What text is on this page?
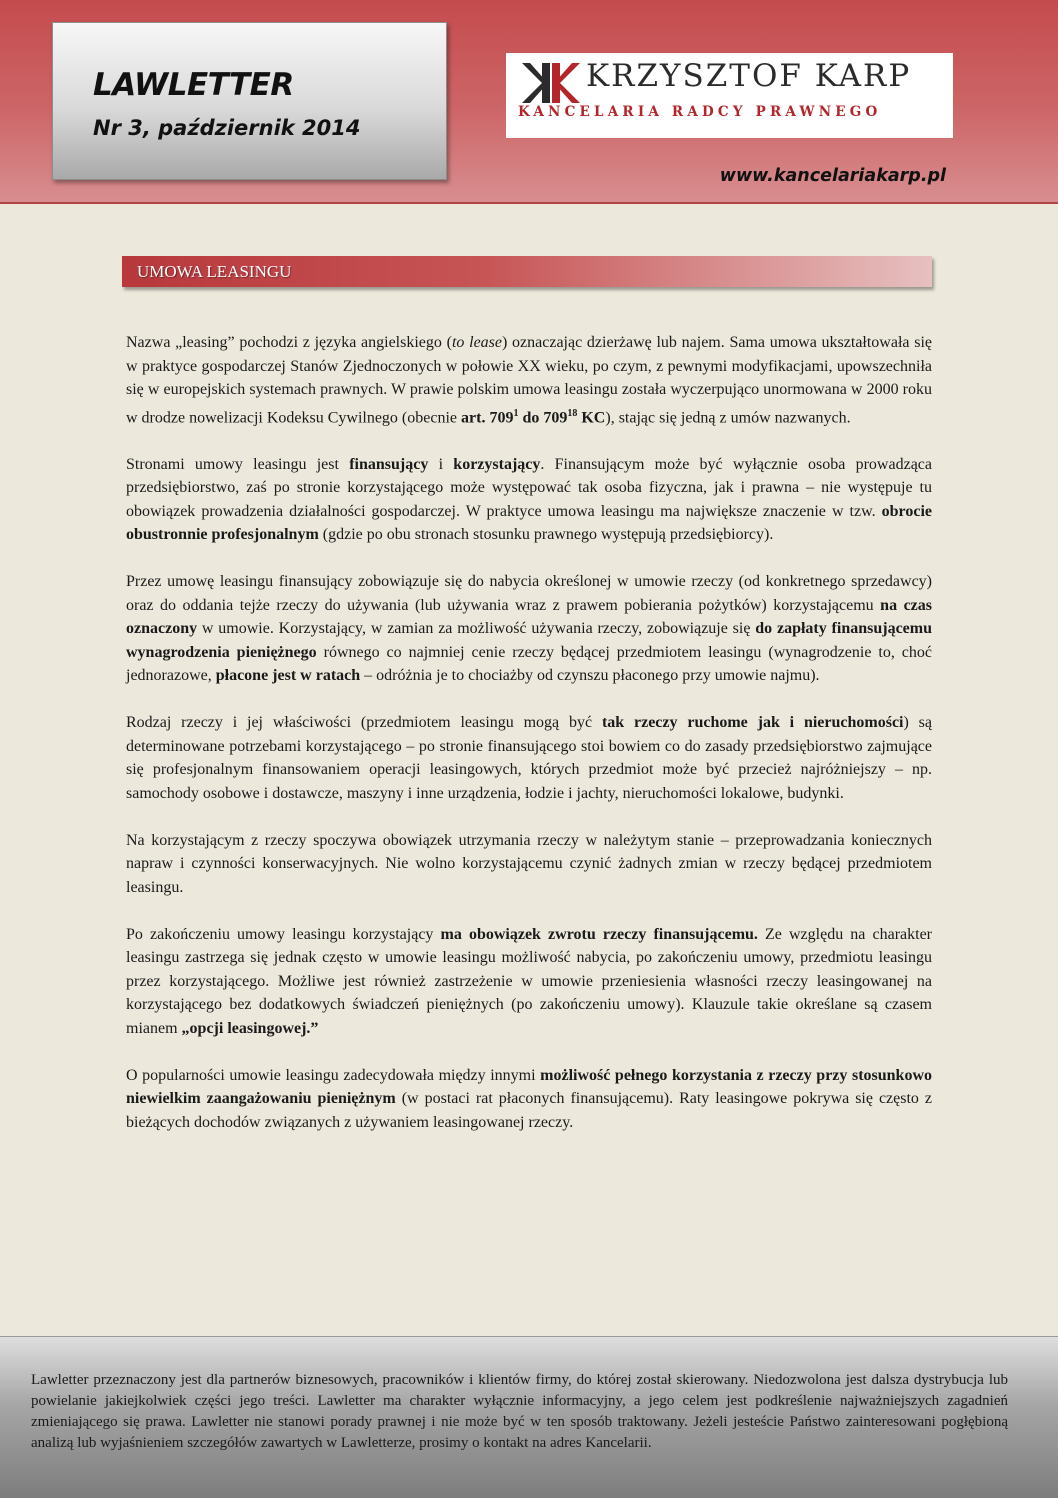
LAWLETTER
Nr 3, październik 2014
KRZYSZTOF KARP
KANCELARIA RADCY PRAWNEGO
www.kancelariakarp.pl
UMOWA LEASINGU

Nazwa „leasing” pochodzi z języka angielskiego (to lease) oznaczając dzierżawę lub najem. Sama umowa ukształtowała się w praktyce gospodarczej Stanów Zjednoczonych w połowie XX wieku, po czym, z pewnymi modyfikacjami, upowszechniła się w europejskich systemach prawnych. W prawie polskim umowa leasingu została wyczerpująco unormowana w 2000 roku w drodze nowelizacji Kodeksu Cywilnego (obecnie art. $709^1$ do $709^{18}$ KC), stając się jedną z umów nazwanych.

Stronami umowy leasingu jest finansujący i korzystający. Finansującym może być wyłącznie osoba prowadząca przedsiębiorstwo, zaś po stronie korzystającego może występować tak osoba fizyczna, jak i prawna – nie występuje tu obowiązek prowadzenia działalności gospodarczej. W praktyce umowa leasingu ma największe znaczenie w tzw. obrocie obustronnie profesjonalnym (gdzie po obu stronach stosunku prawnego występują przedsiębiorcy).

Przez umowę leasingu finansujący zobowiązuje się do nabycia określonej w umowie rzeczy (od konkretnego sprzedawcy) oraz do oddania tejże rzeczy do używania (lub używania wraz z prawem pobierania pożytków) korzystającemu na czas oznaczony w umowie. Korzystający, w zamian za możliwość używania rzeczy, zobowiązuje się do zapłaty finansującemu wynagrodzenia pieniężnego równego co najmniej cenie rzeczy będącej przedmiotem leasingu (wynagrodzenie to, choć jednorazowe, płacone jest w ratach – odróżnia je to chociażby od czynszu płaconego przy umowie najmu).

Rodzaj rzeczy i jej właściwości (przedmiotem leasingu mogą być tak rzeczy ruchome jak i nieruchomości) są determinowane potrzebami korzystającego – po stronie finansującego stoi bowiem co do zasady przedsiębiorstwo zajmujące się profesjonalnym finansowaniem operacji leasingowych, których przedmiot może być przecież najróżniejszy – np. samochody osobowe i dostawcze, maszyny i inne urządzenia, łodzie i jachty, nieruchomości lokalowe, budynki.

Na korzystającym z rzeczy spoczywa obowiązek utrzymania rzeczy w należytym stanie – przeprowadzania koniecznych napraw i czynności konserwacyjnych. Nie wolno korzystającemu czynić żadnych zmian w rzeczy będącej przedmiotem leasingu.

Po zakończeniu umowy leasingu korzystający ma obowiązek zwrotu rzeczy finansującemu. Ze względu na charakter leasingu zastrzega się jednak często w umowie leasingu możliwość nabycia, po zakończeniu umowy, przedmiotu leasingu przez korzystającego. Możliwe jest również zastrzeżenie w umowie przeniesienia własności rzeczy leasingowanej na korzystającego bez dodatkowych świadczeń pieniężnych (po zakończeniu umowy). Klauzule takie określane są czasem mianem „opcji leasingowej.”

O popularności umowie leasingu zadecydowała między innymi możliwość pełnego korzystania z rzeczy przy stosunkowo niewielkim zaangażowaniu pieniężnym (w postaci rat płaconych finansującemu). Raty leasingowe pokrywa się często z bieżących dochodów związanych z używaniem leasingowanej rzeczy.

Lawletter przeznaczony jest dla partnerów biznesowych, pracowników i klientów firmy, do której został skierowany. Niedozwolona jest dalsza dystrybucja lub powielanie jakiejkolwiek części jego treści. Lawletter ma charakter wyłącznie informacyjny, a jego celem jest podkreślenie najważniejszych zagadnień zmieniającego się prawa. Lawletter nie stanowi porady prawnej i nie może być w ten sposób traktowany. Jeżeli jesteście Państwo zainteresowani pogłębioną analizą lub wyjaśnieniem szczegółów zawartych w Lawletterze, prosimy o kontakt na adres Kancelarii.
